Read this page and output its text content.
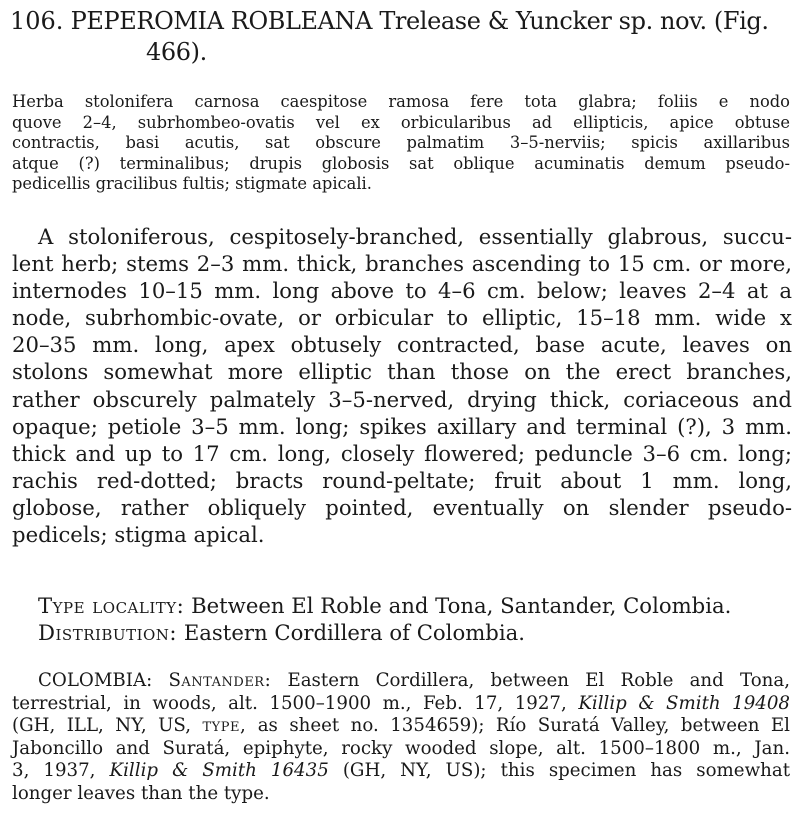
106. PEPEROMIA ROBLEANA Trelease & Yuncker sp. nov. (Fig.
466).

Herba stolonifera carnosa caespitose ramosa fere tota glabra; foliis e nodo
quove 2–4, subrhombeo-ovatis vel ex orbicularibus ad ellipticis, apice obtuse
contractis, basi acutis, sat obscure palmatim 3–5-nerviis; spicis axillaribus
atque (?) terminalibus; drupis globosis sat oblique acuminatis demum pseudo-
pedicellis gracilibus fultis; stigmate apicali.

A stoloniferous, cespitosely-branched, essentially glabrous, succu-
lent herb; stems 2–3 mm. thick, branches ascending to 15 cm. or more,
internodes 10–15 mm. long above to 4–6 cm. below; leaves 2–4 at a
node, subrhombic-ovate, or orbicular to elliptic, 15–18 mm. wide x
20–35 mm. long, apex obtusely contracted, base acute, leaves on
stolons somewhat more elliptic than those on the erect branches,
rather obscurely palmately 3–5-nerved, drying thick, coriaceous and
opaque; petiole 3–5 mm. long; spikes axillary and terminal (?), 3 mm.
thick and up to 17 cm. long, closely flowered; peduncle 3–6 cm. long;
rachis red-dotted; bracts round-peltate; fruit about 1 mm. long,
globose, rather obliquely pointed, eventually on slender pseudo-
pedicels; stigma apical.

Type locality: Between El Roble and Tona, Santander, Colombia.
Distribution: Eastern Cordillera of Colombia.

COLOMBIA: Santander: Eastern Cordillera, between El Roble and Tona,
terrestrial, in woods, alt. 1500–1900 m., Feb. 17, 1927, Killip & Smith 19408
(GH, ILL, NY, US, type, as sheet no. 1354659); Río Suratá Valley, between El
Jaboncillo and Suratá, epiphyte, rocky wooded slope, alt. 1500–1800 m., Jan.
3, 1937, Killip & Smith 16435 (GH, NY, US); this specimen has somewhat
longer leaves than the type.
